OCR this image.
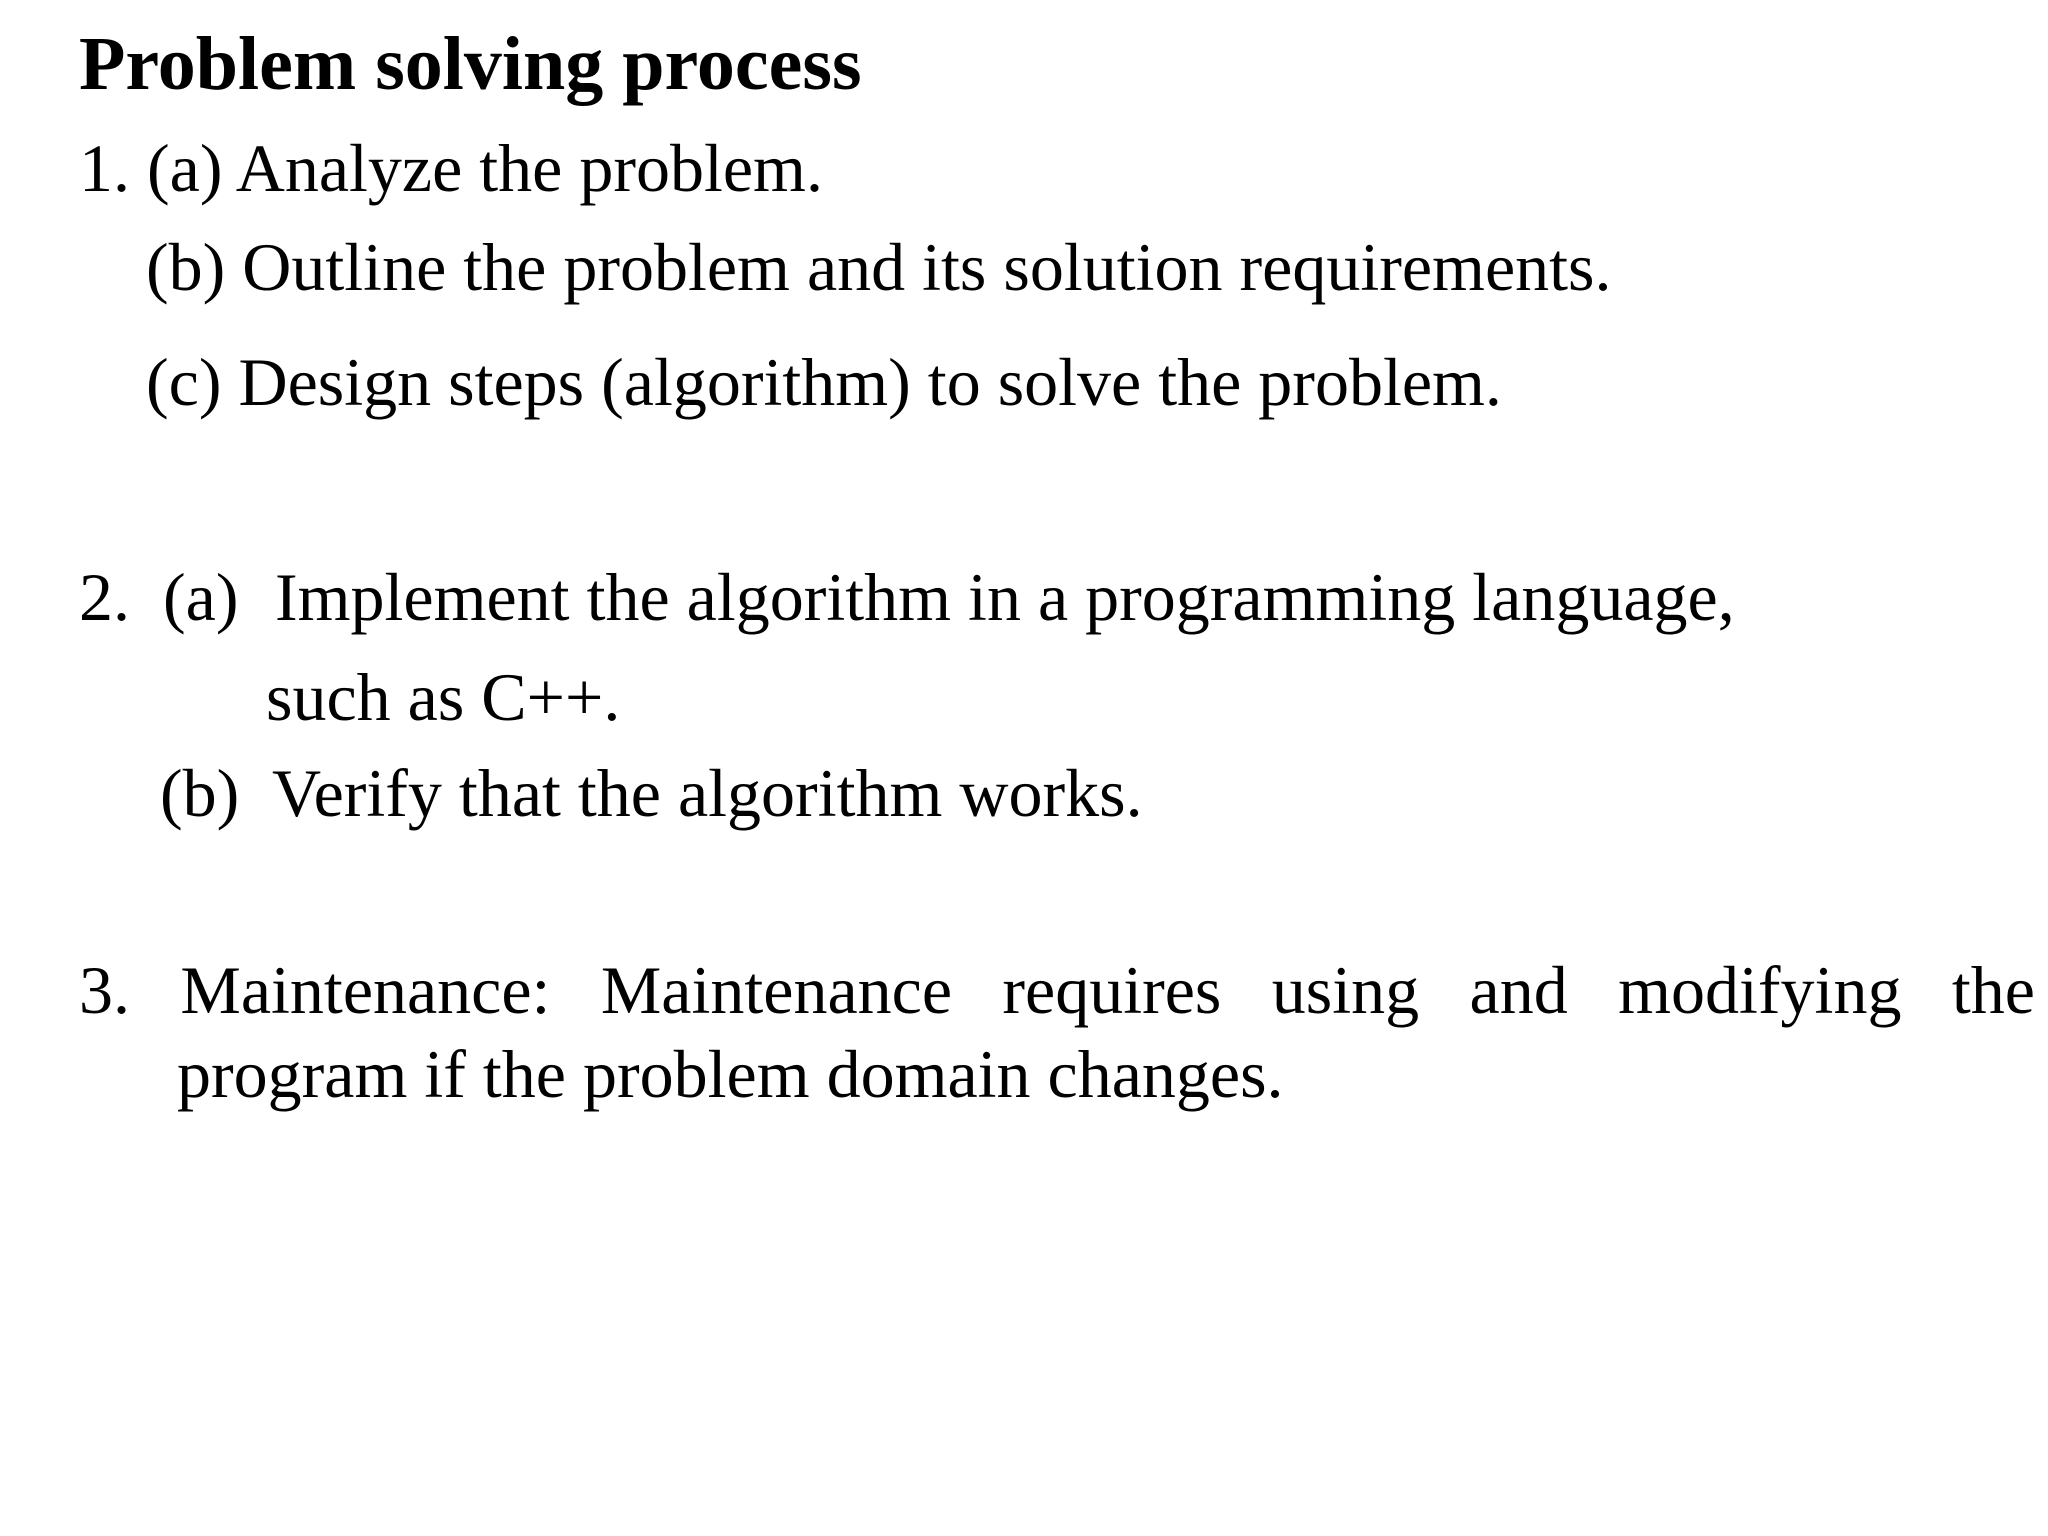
Problem solving process
1. (a) Analyze the problem.
(b) Outline the problem and its solution requirements.
(c) Design steps (algorithm) to solve the problem.
2. (a) Implement the algorithm in a programming language,
such as C++.
(b) Verify that the algorithm works.
3. Maintenance: Maintenance requires using and modifying the
program if the problem domain changes.
